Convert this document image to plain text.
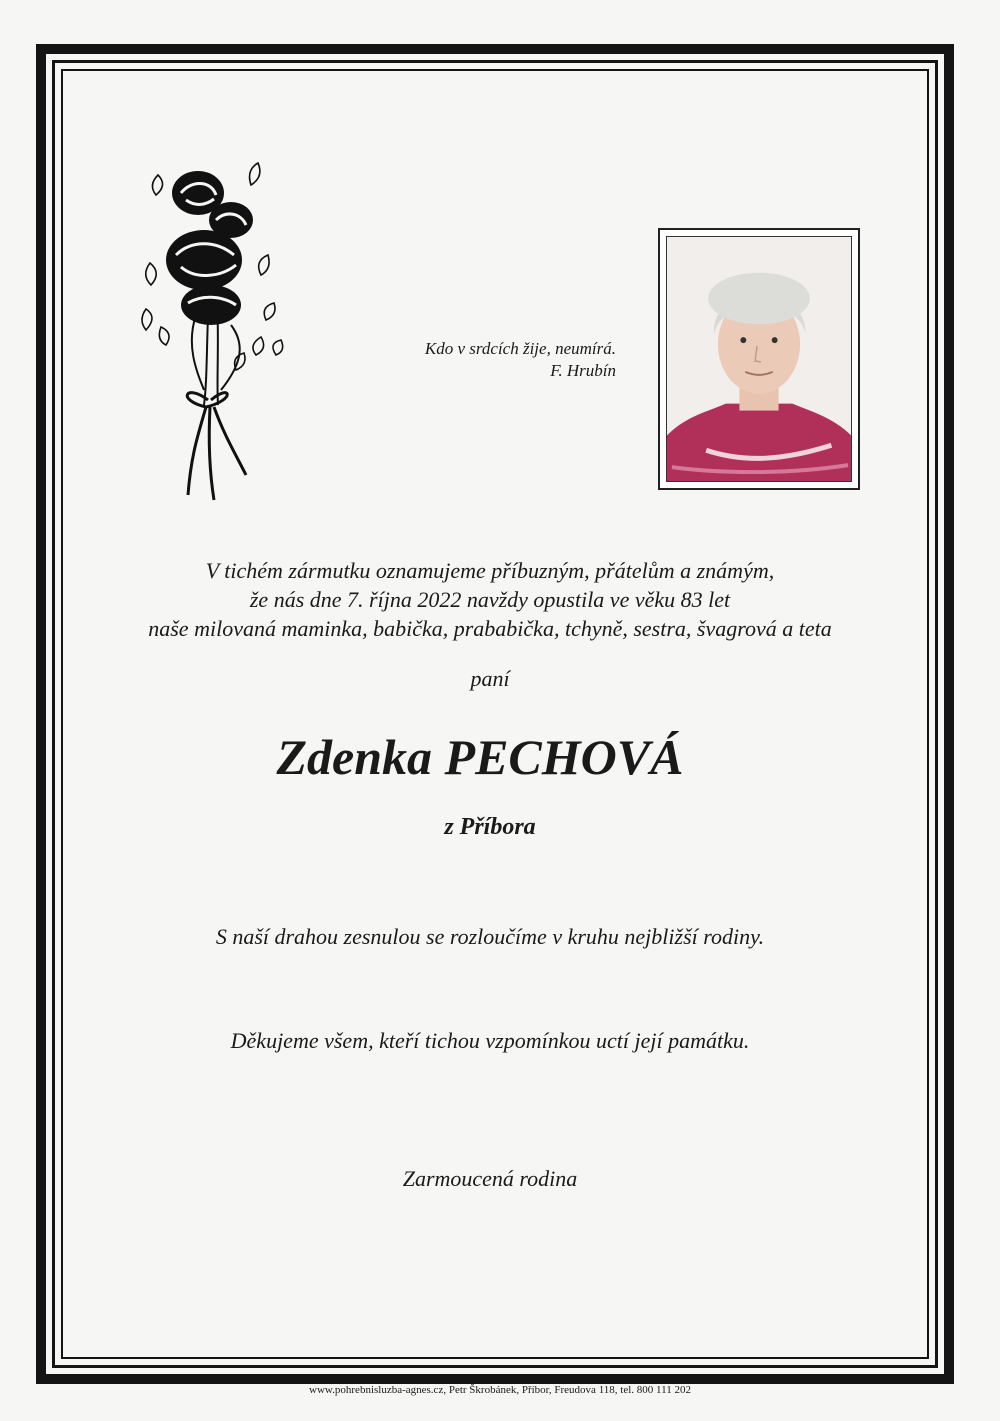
Kdo v srdcích žije, neumírá.
F. Hrubín
V tichém zármutku oznamujeme příbuzným, přátelům a známým,
že nás dne 7. října 2022 navždy opustila ve věku 83 let
naše milovaná maminka, babička, prababička, tchyně, sestra, švagrová a teta
paní
Zdenka PECHOVÁ
z Příbora
S naší drahou zesnulou se rozloučíme v kruhu nejbližší rodiny.
Děkujeme všem, kteří tichou vzpomínkou uctí její památku.
Zarmoucená rodina
www.pohrebnisluzba-agnes.cz, Petr Škrobánek, Příbor, Freudova 118, tel. 800 111 202
